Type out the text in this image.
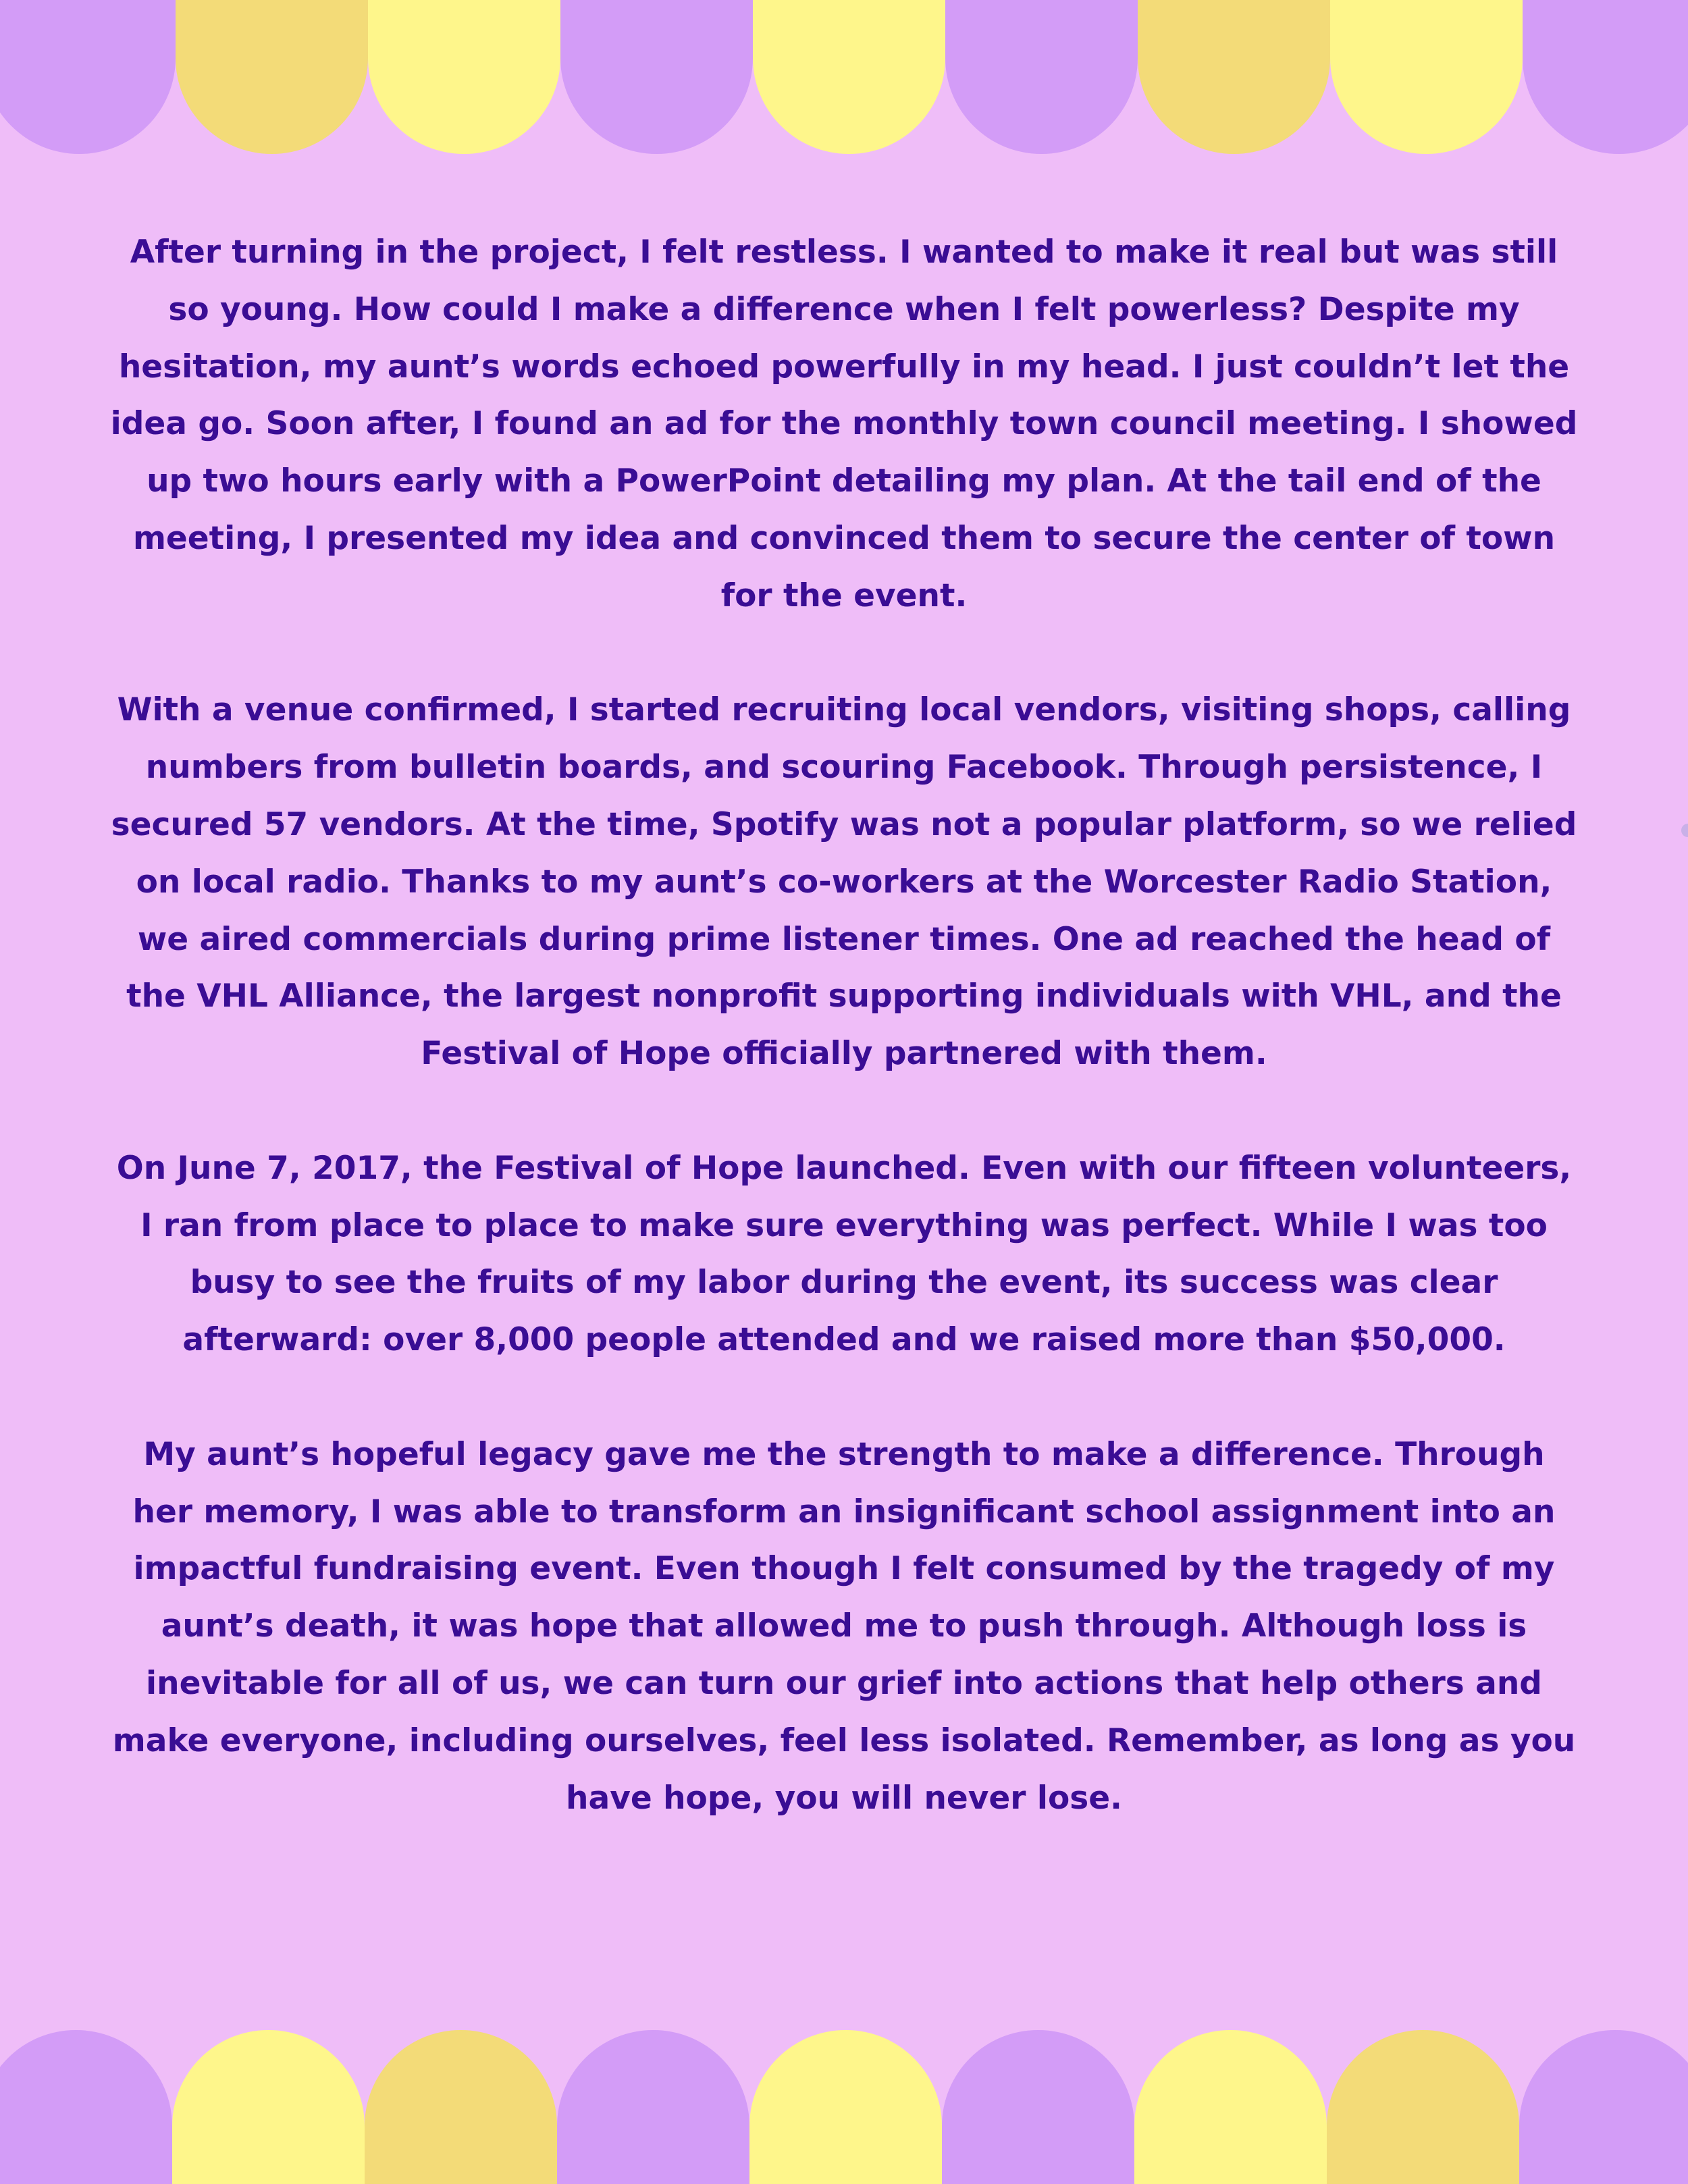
After turning in the project, I felt restless. I wanted to make it real but was still so young. How could I make a difference when I felt powerless? Despite my hesitation, my aunt’s words echoed powerfully in my head. I just couldn’t let the idea go. Soon after, I found an ad for the monthly town council meeting. I showed up two hours early with a PowerPoint detailing my plan. At the tail end of the meeting, I presented my idea and convinced them to secure the center of town for the event.

With a venue confirmed, I started recruiting local vendors, visiting shops, calling numbers from bulletin boards, and scouring Facebook. Through persistence, I secured 57 vendors. At the time, Spotify was not a popular platform, so we relied on local radio. Thanks to my aunt’s co-workers at the Worcester Radio Station, we aired commercials during prime listener times. One ad reached the head of the VHL Alliance, the largest nonprofit supporting individuals with VHL, and the Festival of Hope officially partnered with them.

On June 7, 2017, the Festival of Hope launched. Even with our fifteen volunteers, I ran from place to place to make sure everything was perfect. While I was too busy to see the fruits of my labor during the event, its success was clear afterward: over 8,000 people attended and we raised more than $50,000.

My aunt’s hopeful legacy gave me the strength to make a difference. Through her memory, I was able to transform an insignificant school assignment into an impactful fundraising event. Even though I felt consumed by the tragedy of my aunt’s death, it was hope that allowed me to push through. Although loss is inevitable for all of us, we can turn our grief into actions that help others and make everyone, including ourselves, feel less isolated. Remember, as long as you have hope, you will never lose.
